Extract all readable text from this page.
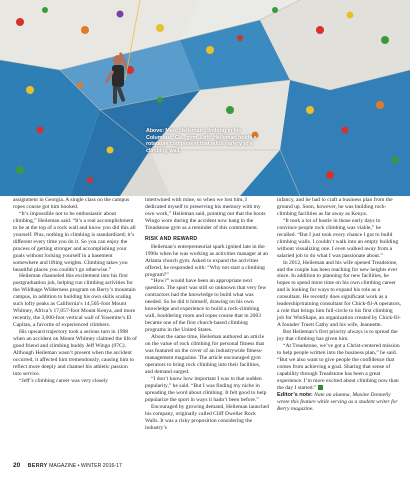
Above: Marc Heileman climbing in his Columbus, Ga., gym. Left: Heileman holds a rotatable component that adds variety to a climbing wall.

assignment in Georgia. A single class on the campus ropes course got him hooked.

“It’s impossible not to be enthusiastic about climbing,” Heileman said. “It’s a real accomplishment to be at the top of a rock wall and know you did this all yourself. Plus, nothing in climbing is standardized; it’s different every time you do it. So you can enjoy the process of getting stronger and accomplishing your goals without locking yourself in a basement somewhere and lifting weights. Climbing takes you beautiful places you couldn’t go otherwise.”

Heileman channeled this excitement into his first postgraduation job, helping run climbing activities for the Wildhage Wilderness program on Berry’s mountain campus, in addition to building his own skills scaling such lofty peaks as California’s 14,505-foot Mount Whitney, Africa’s 17,057-foot Mount Kenya, and more recently, the 3,000-foot vertical wall of Yosemite’s El Capitan, a favorite of experienced climbers.

His upward trajectory took a serious turn in 1998 when an accident on Mount Whitney claimed the life of good friend and climbing buddy Jeff Wingo (97C). Although Heileman wasn’t present when the accident occurred, it affected him tremendously, causing him to reflect more deeply and channel his athletic passion into service.

“Jeff’s climbing career was very closely

intertwined with mine, so when we lost him, I dedicated myself to preserving his memory with my own work,” Heileman said, pointing out that the boots Wingo wore during the accident now hang in the Treadstone gym as a reminder of this commitment.

RISK AND REWARD

Heileman’s entrepreneurial spark ignited late in the 1990s when he was working as activities manager at an Atlanta church gym. Asked to expand the activities offered, he responded with: “Why not start a climbing program?”

“How?” would have been an appropriate next question. The sport was still so unknown that very few contractors had the knowledge to build what was needed. So he did it himself, drawing on his own knowledge and experience to build a rock-climbing wall, bouldering room and ropes course that in 2003 became one of the first church-based climbing programs in the United States.

About the same time, Heileman authored an article on the value of rock climbing for personal fitness that was featured on the cover of an industrywide fitness-management magazine. The article encouraged gym operators to bring rock climbing into their facilities, and demand surged.

“I don’t know how important I was to that sudden popularity,” he said. “But I was finding my niche in spreading the word about climbing. It felt good to help popularize the sport in ways it hadn’t been before.”

Encouraged by growing demand, Heileman launched his company, originally called Cliff Dweller Rock Walls. It was a risky proposition considering the industry’s

infancy, and he had to craft a business plan from the ground up. Soon, however, he was building rock-climbing facilities as far away as Kenya.

“It took a lot of hustle in those early days to convince people rock climbing was viable,” he recalled. “But I just took every chance I got to build climbing walls. I couldn’t walk into an empty building without visualizing one. I even walked away from a salaried job to do what I was passionate about.”

In 2012, Heileman and his wife opened Treadstone, and the couple has been reaching for new heights ever since. In addition to planning for new facilities, he hopes to spend more time on his own climbing career and is looking for ways to expand his role as a consultant. He recently does significant work as a leadership/training consultant for Chick-fil-A operators, a role that brings him full-circle to his first climbing job for WinShape, an organization created by Chick-fil-A founder Truett Cathy and his wife, Jeannette.

But Heileman’s first priority always is to spread the joy that climbing has given him.

“At Treadstone, we’ve got a Christ-centered mission to help people written into the business plan,” he said. “But we also want to give people the confidence that comes from achieving a goal. Sharing that sense of capability through Treadstone has been a great experience. I’m more excited about climbing now than the day I started.”

Editor’s note: Nate an alumna, Maxine Donnelly wrote this feature while serving as a student writer for Berry magazine.

20 BERRY MAGAZINE • WINTER 2016-17
